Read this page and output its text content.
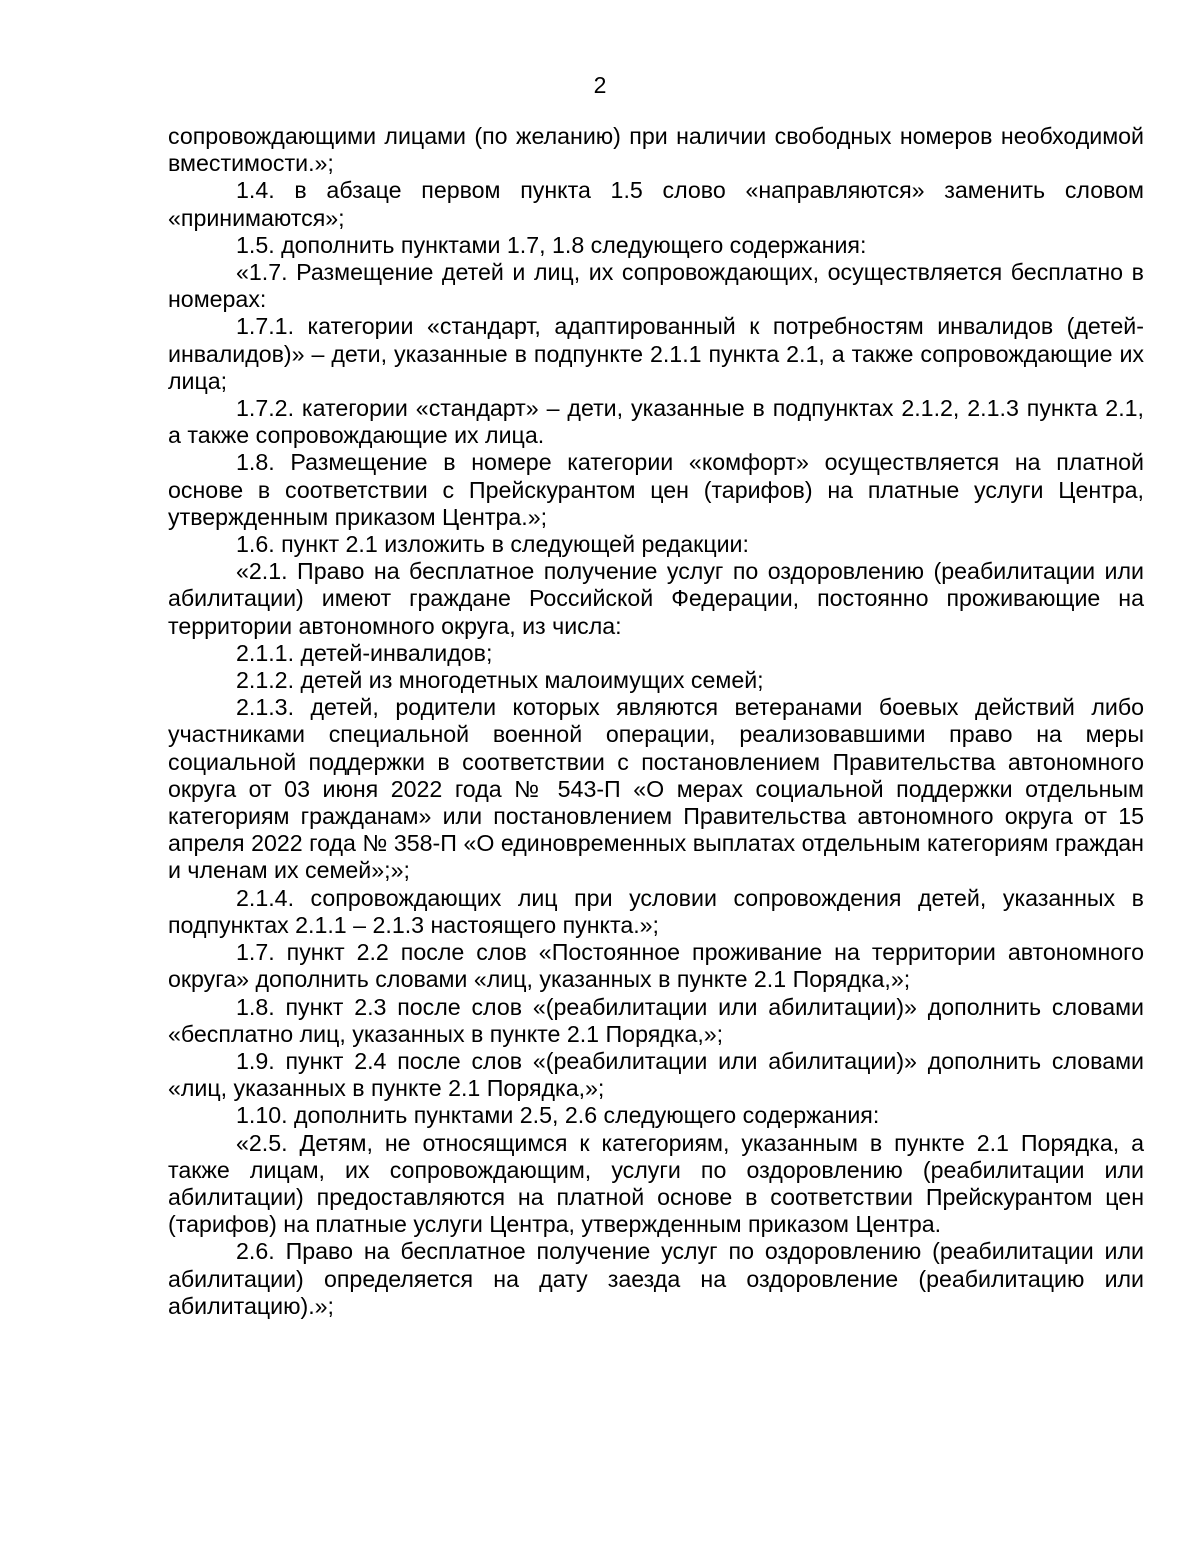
2

сопровождающими лицами (по желанию) при наличии свободных номеров необходимой вместимости.»;

1.4. в абзаце первом пункта 1.5 слово «направляются» заменить словом «принимаются»;

1.5. дополнить пунктами 1.7, 1.8 следующего содержания:

«1.7. Размещение детей и лиц, их сопровождающих, осуществляется бесплатно в номерах:

1.7.1. категории «стандарт, адаптированный к потребностям инвалидов (детей-инвалидов)» – дети, указанные в подпункте 2.1.1 пункта 2.1, а также сопровождающие их лица;

1.7.2. категории «стандарт» – дети, указанные в подпунктах 2.1.2, 2.1.3 пункта 2.1, а также сопровождающие их лица.

1.8. Размещение в номере категории «комфорт» осуществляется на платной основе в соответствии с Прейскурантом цен (тарифов) на платные услуги Центра, утвержденным приказом Центра.»;

1.6. пункт 2.1 изложить в следующей редакции:

«2.1. Право на бесплатное получение услуг по оздоровлению (реабилитации или абилитации) имеют граждане Российской Федерации, постоянно проживающие на территории автономного округа, из числа:

2.1.1. детей-инвалидов;

2.1.2. детей из многодетных малоимущих семей;

2.1.3. детей, родители которых являются ветеранами боевых действий либо участниками специальной военной операции, реализовавшими право на меры социальной поддержки в соответствии с постановлением Правительства автономного округа от 03 июня 2022 года № 543-П «О мерах социальной поддержки отдельным категориям гражданам» или постановлением Правительства автономного округа от 15 апреля 2022 года № 358-П «О единовременных выплатах отдельным категориям граждан и членам их семей»;»;

2.1.4. сопровождающих лиц при условии сопровождения детей, указанных в подпунктах 2.1.1 – 2.1.3 настоящего пункта.»;

1.7. пункт 2.2 после слов «Постоянное проживание на территории автономного округа» дополнить словами «лиц, указанных в пункте 2.1 Порядка,»;

1.8. пункт 2.3 после слов «(реабилитации или абилитации)» дополнить словами «бесплатно лиц, указанных в пункте 2.1 Порядка,»;

1.9. пункт 2.4 после слов «(реабилитации или абилитации)» дополнить словами «лиц, указанных в пункте 2.1 Порядка,»;

1.10. дополнить пунктами 2.5, 2.6 следующего содержания:

«2.5. Детям, не относящимся к категориям, указанным в пункте 2.1 Порядка, а также лицам, их сопровождающим, услуги по оздоровлению (реабилитации или абилитации) предоставляются на платной основе в соответствии Прейскурантом цен (тарифов) на платные услуги Центра, утвержденным приказом Центра.

2.6. Право на бесплатное получение услуг по оздоровлению (реабилитации или абилитации) определяется на дату заезда на оздоровление (реабилитацию или абилитацию).»;
